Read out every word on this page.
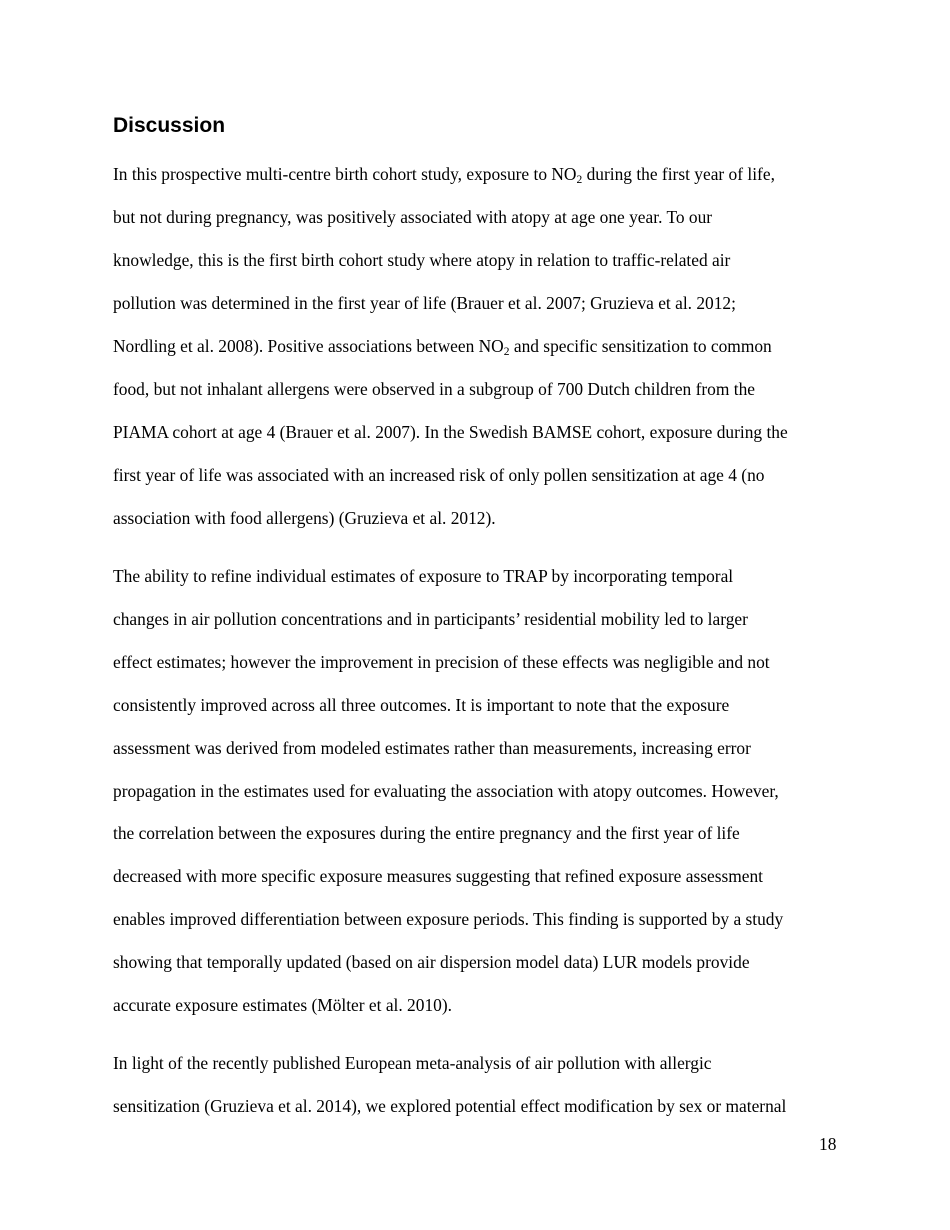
Discussion

In this prospective multi-centre birth cohort study, exposure to $NO_2$ during the first year of life,

but not during pregnancy, was positively associated with atopy at age one year. To our

knowledge, this is the first birth cohort study where atopy in relation to traffic-related air

pollution was determined in the first year of life (Brauer et al. 2007; Gruzieva et al. 2012;

Nordling et al. 2008). Positive associations between $NO_2$ and specific sensitization to common

food, but not inhalant allergens were observed in a subgroup of 700 Dutch children from the

PIAMA cohort at age 4 (Brauer et al. 2007). In the Swedish BAMSE cohort, exposure during the

first year of life was associated with an increased risk of only pollen sensitization at age 4 (no

association with food allergens) (Gruzieva et al. 2012).

The ability to refine individual estimates of exposure to TRAP by incorporating temporal

changes in air pollution concentrations and in participants’ residential mobility led to larger

effect estimates; however the improvement in precision of these effects was negligible and not

consistently improved across all three outcomes. It is important to note that the exposure

assessment was derived from modeled estimates rather than measurements, increasing error

propagation in the estimates used for evaluating the association with atopy outcomes. However,

the correlation between the exposures during the entire pregnancy and the first year of life

decreased with more specific exposure measures suggesting that refined exposure assessment

enables improved differentiation between exposure periods. This finding is supported by a study

showing that temporally updated (based on air dispersion model data) LUR models provide

accurate exposure estimates (Mölter et al. 2010).

In light of the recently published European meta-analysis of air pollution with allergic

sensitization (Gruzieva et al. 2014), we explored potential effect modification by sex or maternal

18
